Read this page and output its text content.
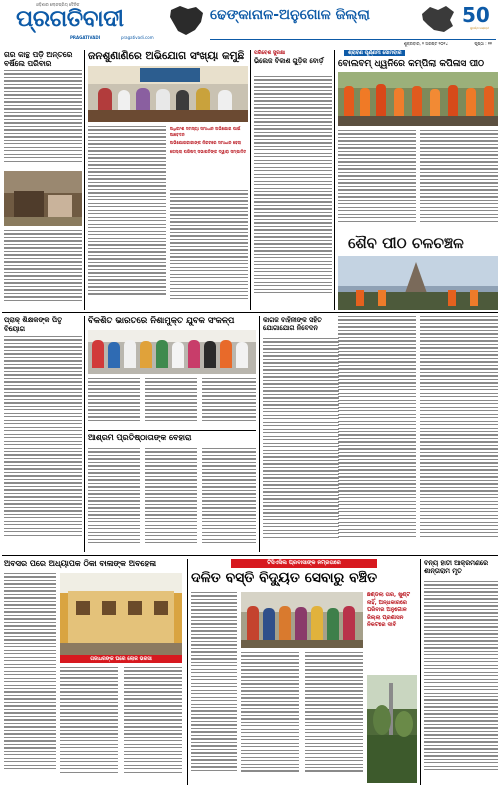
ଓଡ଼ିଶାର ଲୋକପ୍ରିୟ ଦୈନିକ
ପ୍ରଗତିବାଦୀ
PRAGATIVADI	pragativadi.com
ଢେଙ୍କାନାଳ-ଅନୁଗୋଳ ଜିଲ୍ଲା	50
ସୁବର୍ଣ୍ଣ ଜୟନ୍ତୀ
ଶୁକ୍ରବାର, ୨ ଅଗଷ୍ଟ ୨୦୨୪	ପୃଷ୍ଠା : ୧୧
ଗର କାନ୍ଥ ପଡ଼ି ଅନ୍ତରେ ବର୍ଷିଲେ ପରିବାର
ଜନଶୁଣାଣିରେ ଅଭିଯୋଗ ସଂଖ୍ୟା କମୁଛି
ଅଧିକାଂଶ ସମସ୍ୟା ସମାଧାନ ଅଭିଯୋଗ ପାଇଁ ଆବେଦନ
ଅଭିଯୋଗକାରୀଙ୍କ ନିକଟରେ ସମାଧାନ ହେଲା
ଜେଲ୍ଲା ପରିଷଦ୍ ସଭାପତିଙ୍କ ଦ୍ୱାରା ସମ୍ପାଦିତ
ପରିବେଶ ସୁରକ୍ଷା
ଭିଲେଜ ବିକାଶ ଗୁଡ଼ିକ ବୋର୍ଡ଼
ଶ୍ରାବଣ ପୂର୍ଣ୍ଣମୀ ସୋମବାର
ବୋଲବମ୍ ଧ୍ୱନିରେ କମ୍ପିଲା କପିଳାସ ପୀଠ
ଶୈବ ପୀଠ ଚଳଚଞ୍ଚଳ
ପ୍ରାକ୍ ଶିକ୍ଷକଙ୍କ ପିତୃ ବିୟୋଗ
ବିକଶିତ ଭାରତରେ ନିଶାମୁକ୍ତ ଯୁବକ ସଂକଳ୍ପ
ଆଶ୍ରମ ପ୍ରତିଷ୍ଠାତାଙ୍କ ବେହାରା
କାଗଜ ବାହିନୀଙ୍କ ସହିତ ଯୋଗାଯୋଗ ନିବେଦନ
ଅବସର ପରେ ଅଧ୍ୟାପକ ଠିକା ବାଳାଙ୍କ ଅବହେଳା
ଗଜାଧରଙ୍କ ଘରେ ଲୋକ ଭରସା
ଟିସିଏସିଲ ପ୍ରବାସୀଙ୍କ ନମ୍ରତାରେ
ଦଳିତ ବସ୍ତି ବିଦ୍ୟୁତ ସେବାରୁ ବଞ୍ଚିତ
ଛିଣ୍ଡିଲା ତାର, ଖୁଣ୍ଟ ନାହିଁ, ଅନ୍ଧକାରରେ ପରିବାର ଅନୁଗୋଳ ଜିଲ୍ଲା ପ୍ରଶାସନ ନିକଟରେ ଦାବି
ବନ୍ୟ ହାତୀ ଆକ୍ରମଣରେ ଶାନ୍ତାରାମ ମୃତ
